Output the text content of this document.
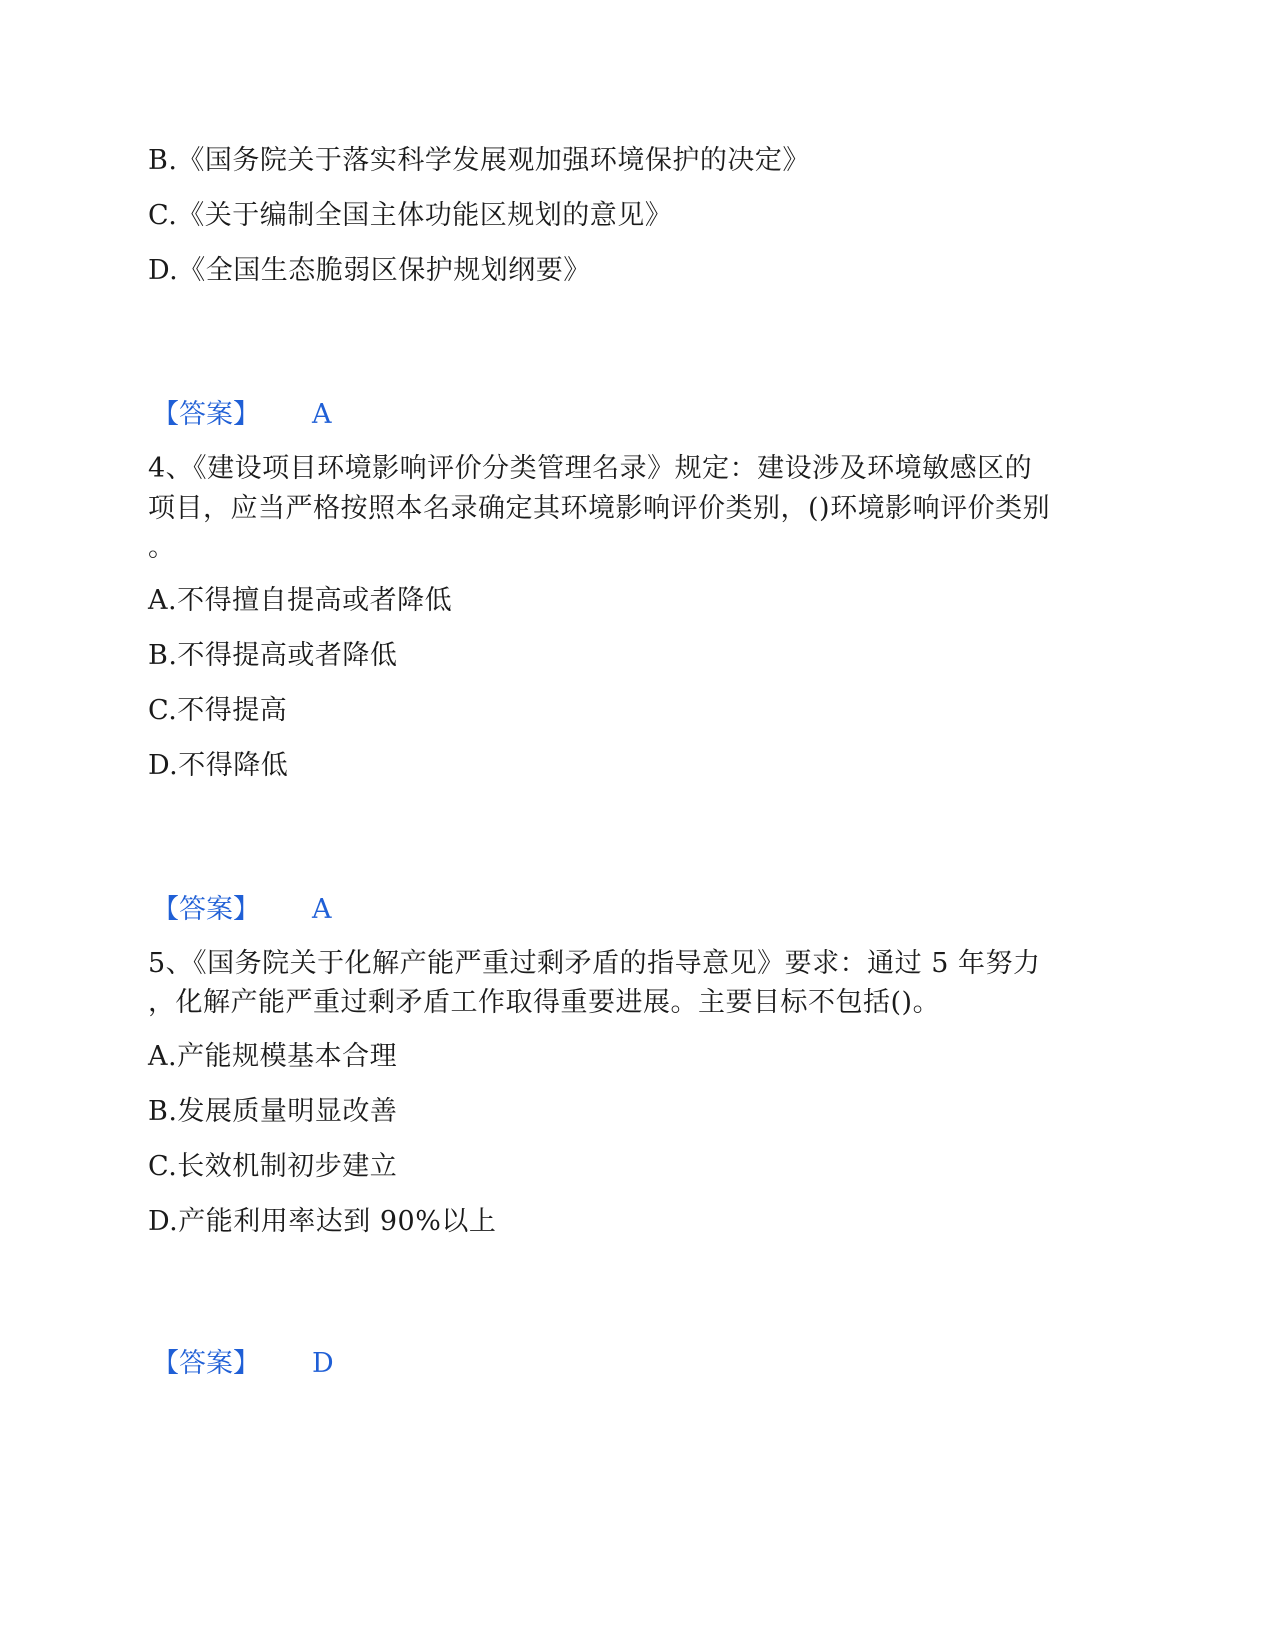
B.《国务院关于落实科学发展观加强环境保护的决定》
C.《关于编制全国主体功能区规划的意见》
D.《全国生态脆弱区保护规划纲要》
【答案】 A
4、《建设项目环境影响评价分类管理名录》规定：建设涉及环境敏感区的
项目，应当严格按照本名录确定其环境影响评价类别，()环境影响评价类别
。
A.不得擅自提高或者降低
B.不得提高或者降低
C.不得提高
D.不得降低
【答案】 A
5、《国务院关于化解产能严重过剩矛盾的指导意见》要求：通过 5 年努力
，化解产能严重过剩矛盾工作取得重要进展。主要目标不包括()。
A.产能规模基本合理
B.发展质量明显改善
C.长效机制初步建立
D.产能利用率达到 90%以上
【答案】 D
